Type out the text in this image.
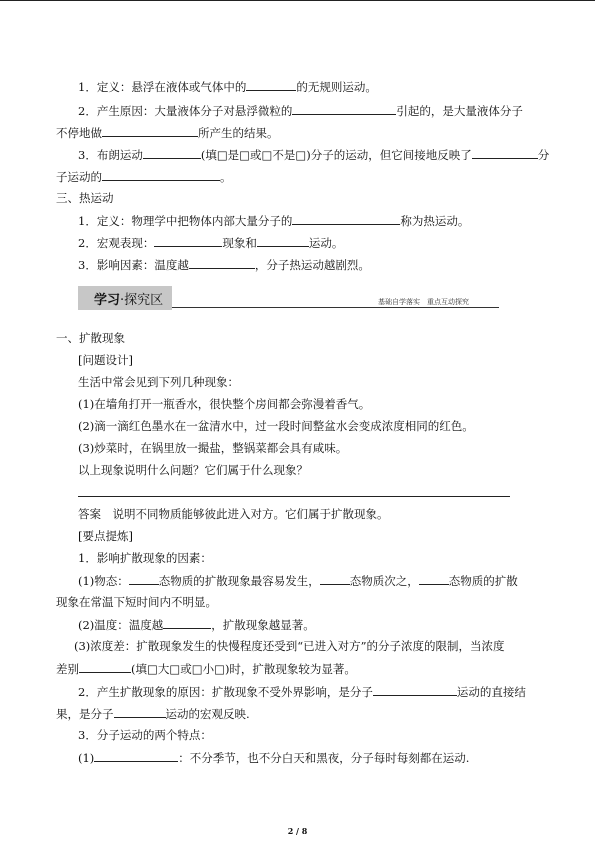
1．定义：悬浮在液体或气体中的	的无规则运动。
2．产生原因：大量液体分子对悬浮微粒的	引起的，是大量液体分子
不停地做	所产生的结果。
3．布朗运动	(填□是□或□不是□)分子的运动，但它间接地反映了	分
子运动的	。
三、热运动
1．定义：物理学中把物体内部大量分子的	称为热运动。
2．宏观表现：	现象和	运动。
3．影响因素：温度越	，分子热运动越剧烈。
学习·探究区	基础自学落实　重点互动探究
一、扩散现象
[问题设计]
生活中常会见到下列几种现象：
(1)在墙角打开一瓶香水，很快整个房间都会弥漫着香气。
(2)滴一滴红色墨水在一盆清水中，过一段时间整盆水会变成浓度相同的红色。
(3)炒菜时，在锅里放一撮盐，整锅菜都会具有咸味。
以上现象说明什么问题？它们属于什么现象？
答案　说明不同物质能够彼此进入对方。它们属于扩散现象。
[要点提炼]
1．影响扩散现象的因素：
(1)物态：	态物质的扩散现象最容易发生，	态物质次之，	态物质的扩散
现象在常温下短时间内不明显。
(2)温度：温度越	，扩散现象越显著。
(3)浓度差：扩散现象发生的快慢程度还受到“已进入对方”的分子浓度的限制，当浓度
差别	(填□大□或□小□)时，扩散现象较为显著。
2．产生扩散现象的原因：扩散现象不受外界影响，是分子	运动的直接结
果，是分子	运动的宏观反映.
3．分子运动的两个特点：
(1)	：不分季节，也不分白天和黑夜，分子每时每刻都在运动.
2 / 8
